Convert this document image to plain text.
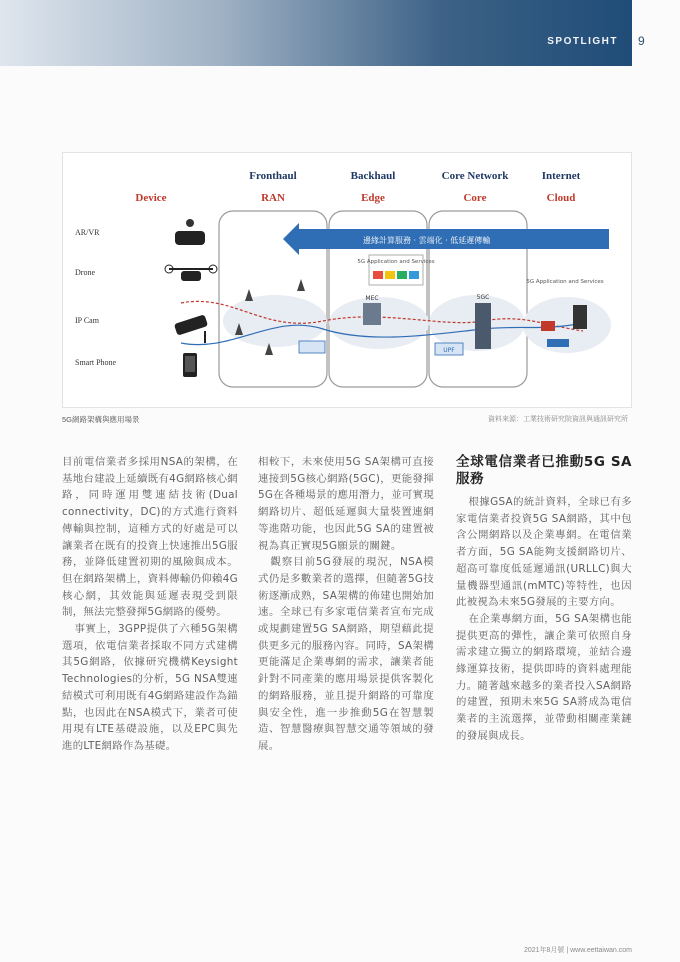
SPOTLIGHT 9
Fronthaul	Backhaul	Core Network	Internet
Device	RAN	Edge	Core	Cloud
邊緣計算服務 · 雲端化 · 低延遲傳輸
5G Application and Services
MEC
UPF
5GC
5G Application and Services
AR/VR
Drone
IP Cam
Smart Phone
5G網路架構與應用場景	資料來源：工業技術研究院資訊與通訊研究所

目前電信業者多採用NSA的架構，在基地台建設上延續既有4G網路核心網路，同時運用雙連結技術(Dual connectivity，DC)的方式進行資料傳輸與控制，這種方式的好處是可以讓業者在既有的投資上快速推出5G服務，並降低建置初期的風險與成本。但在網路架構上，資料傳輸仍仰賴4G核心網，其效能與延遲表現受到限制，無法完整發揮5G網路的優勢。

事實上，3GPP提供了六種5G架構選項，依電信業者採取不同方式建構其5G網路，依據研究機構Keysight Technologies的分析，5G NSA雙連結模式可利用既有4G網路建設作為錨點，也因此在NSA模式下，業者可使用現有LTE基礎設施，以及EPC與先進的LTE網路作為基礎。

相較下，未來使用5G SA架構可直接連接到5G核心網路(5GC)，更能發揮5G在各種場景的應用潛力，並可實現網路切片、超低延遲與大量裝置連網等進階功能，也因此5G SA的建置被視為真正實現5G願景的關鍵。

觀察目前5G發展的現況，NSA模式仍是多數業者的選擇，但隨著5G技術逐漸成熟，SA架構的佈建也開始加速。全球已有多家電信業者宣布完成或規劃建置5G SA網路，期望藉此提供更多元的服務內容。同時，SA架構更能滿足企業專網的需求，讓業者能針對不同產業的應用場景提供客製化的網路服務，並且提升網路的可靠度與安全性，進一步推動5G在智慧製造、智慧醫療與智慧交通等領域的發展。

全球電信業者已推動5G SA服務

根據GSA的統計資料，全球已有多家電信業者投資5G SA網路，其中包含公開網路以及企業專網。在電信業者方面，5G SA能夠支援網路切片、超高可靠度低延遲通訊(URLLC)與大量機器型通訊(mMTC)等特性，也因此被視為未來5G發展的主要方向。

在企業專網方面，5G SA架構也能提供更高的彈性，讓企業可依照自身需求建立獨立的網路環境，並結合邊緣運算技術，提供即時的資料處理能力。隨著越來越多的業者投入SA網路的建置，預期未來5G SA將成為電信業者的主流選擇，並帶動相關產業鏈的發展與成長。

2021年8月號 | www.eettaiwan.com
